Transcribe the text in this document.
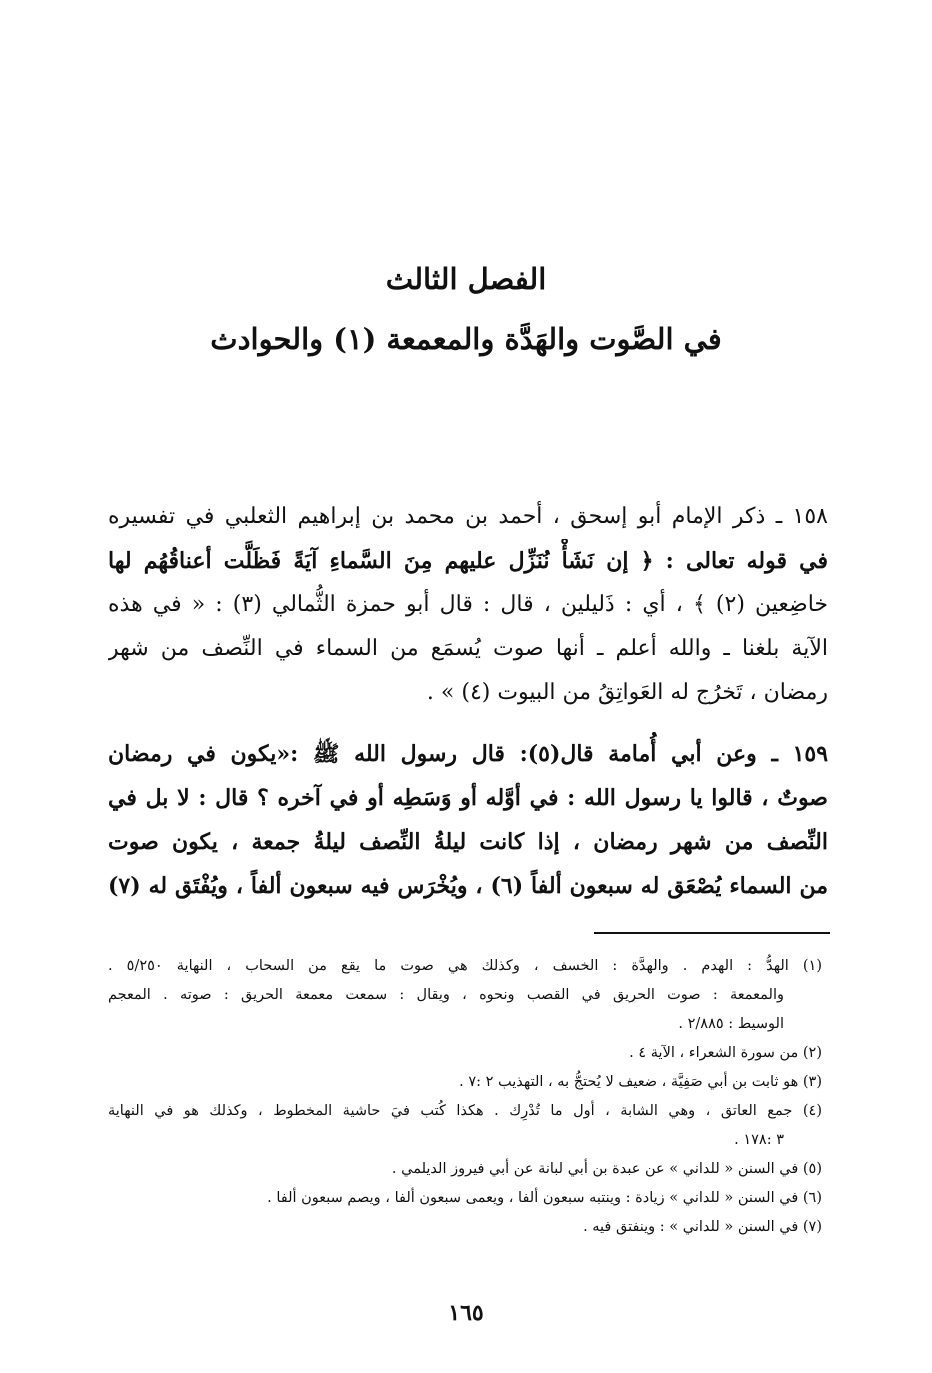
الفصل الثالث
في الصَّوت والهَدَّة والمعمعة (١) والحوادث
١٥٨ ـ ذكر الإمام أبو إسحق ، أحمد بن محمد بن إبراهيم الثعلبي في تفسيره
في قوله تعالى : ﴿ إن نَشَأْ نُنَزِّل عليهم مِنَ السَّماءِ آيَةً فَظَلَّت أعناقُهُم لها
خاضِعين (٢) ﴾ ، أي : ذَليلين ، قال : قال أبو حمزة الثُّمالي (٣) : « في هذه
الآية بلغنا ـ والله أعلم ـ أنها صوت يُسمَع من السماء في النِّصف من شهر
رمضان ، تَخرُج له العَواتِقُ من البيوت (٤) » .
١٥٩ ـ وعن أبي أُمامة قال(٥): قال رسول الله ﷺ :«يكون في رمضان
صوتٌ ، قالوا يا رسول الله : في أوَّله أو وَسَطِه أو في آخره ؟ قال : لا بل في
النِّصف من شهر رمضان ، إذا كانت ليلةُ النِّصف ليلةُ جمعة ، يكون صوت
من السماء يُصْعَق له سبعون ألفاً (٦) ، ويُخْرَس فيه سبعون ألفاً ، ويُفْتَق له (٧)
(١) الهدُّ : الهدم . والهدَّة : الخسف ، وكذلك هي صوت ما يقع من السحاب ، النهاية ٥/٢٥٠ .
والمعمعة : صوت الحريق في القصب ونحوه ، ويقال : سمعت معمعة الحريق : صوته . المعجم
الوسيط : ٢/٨٨٥ .
(٢) من سورة الشعراء ، الآية ٤ .
(٣) هو ثابت بن أبي صَفِيَّة ، ضعيف لا يُحتجُّ به ، التهذيب ٢ :٧ .
(٤) جمع العاتق ، وهي الشابة ، أول ما تُدْرِك . هكذا كُتب فيَ حاشية المخطوط ، وكذلك هو في النهاية
٣ :١٧٨ .
(٥) في السنن « للداني » عن عبدة بن أبي لبانة عن أبي فيروز الديلمي .
(٦) في السنن « للداني » زيادة : وينتبه سبعون ألفا ، ويعمى سبعون ألفا ، ويصم سبعون ألفا .
(٧) في السنن « للداني » : وينفتق فيه .
١٦٥
